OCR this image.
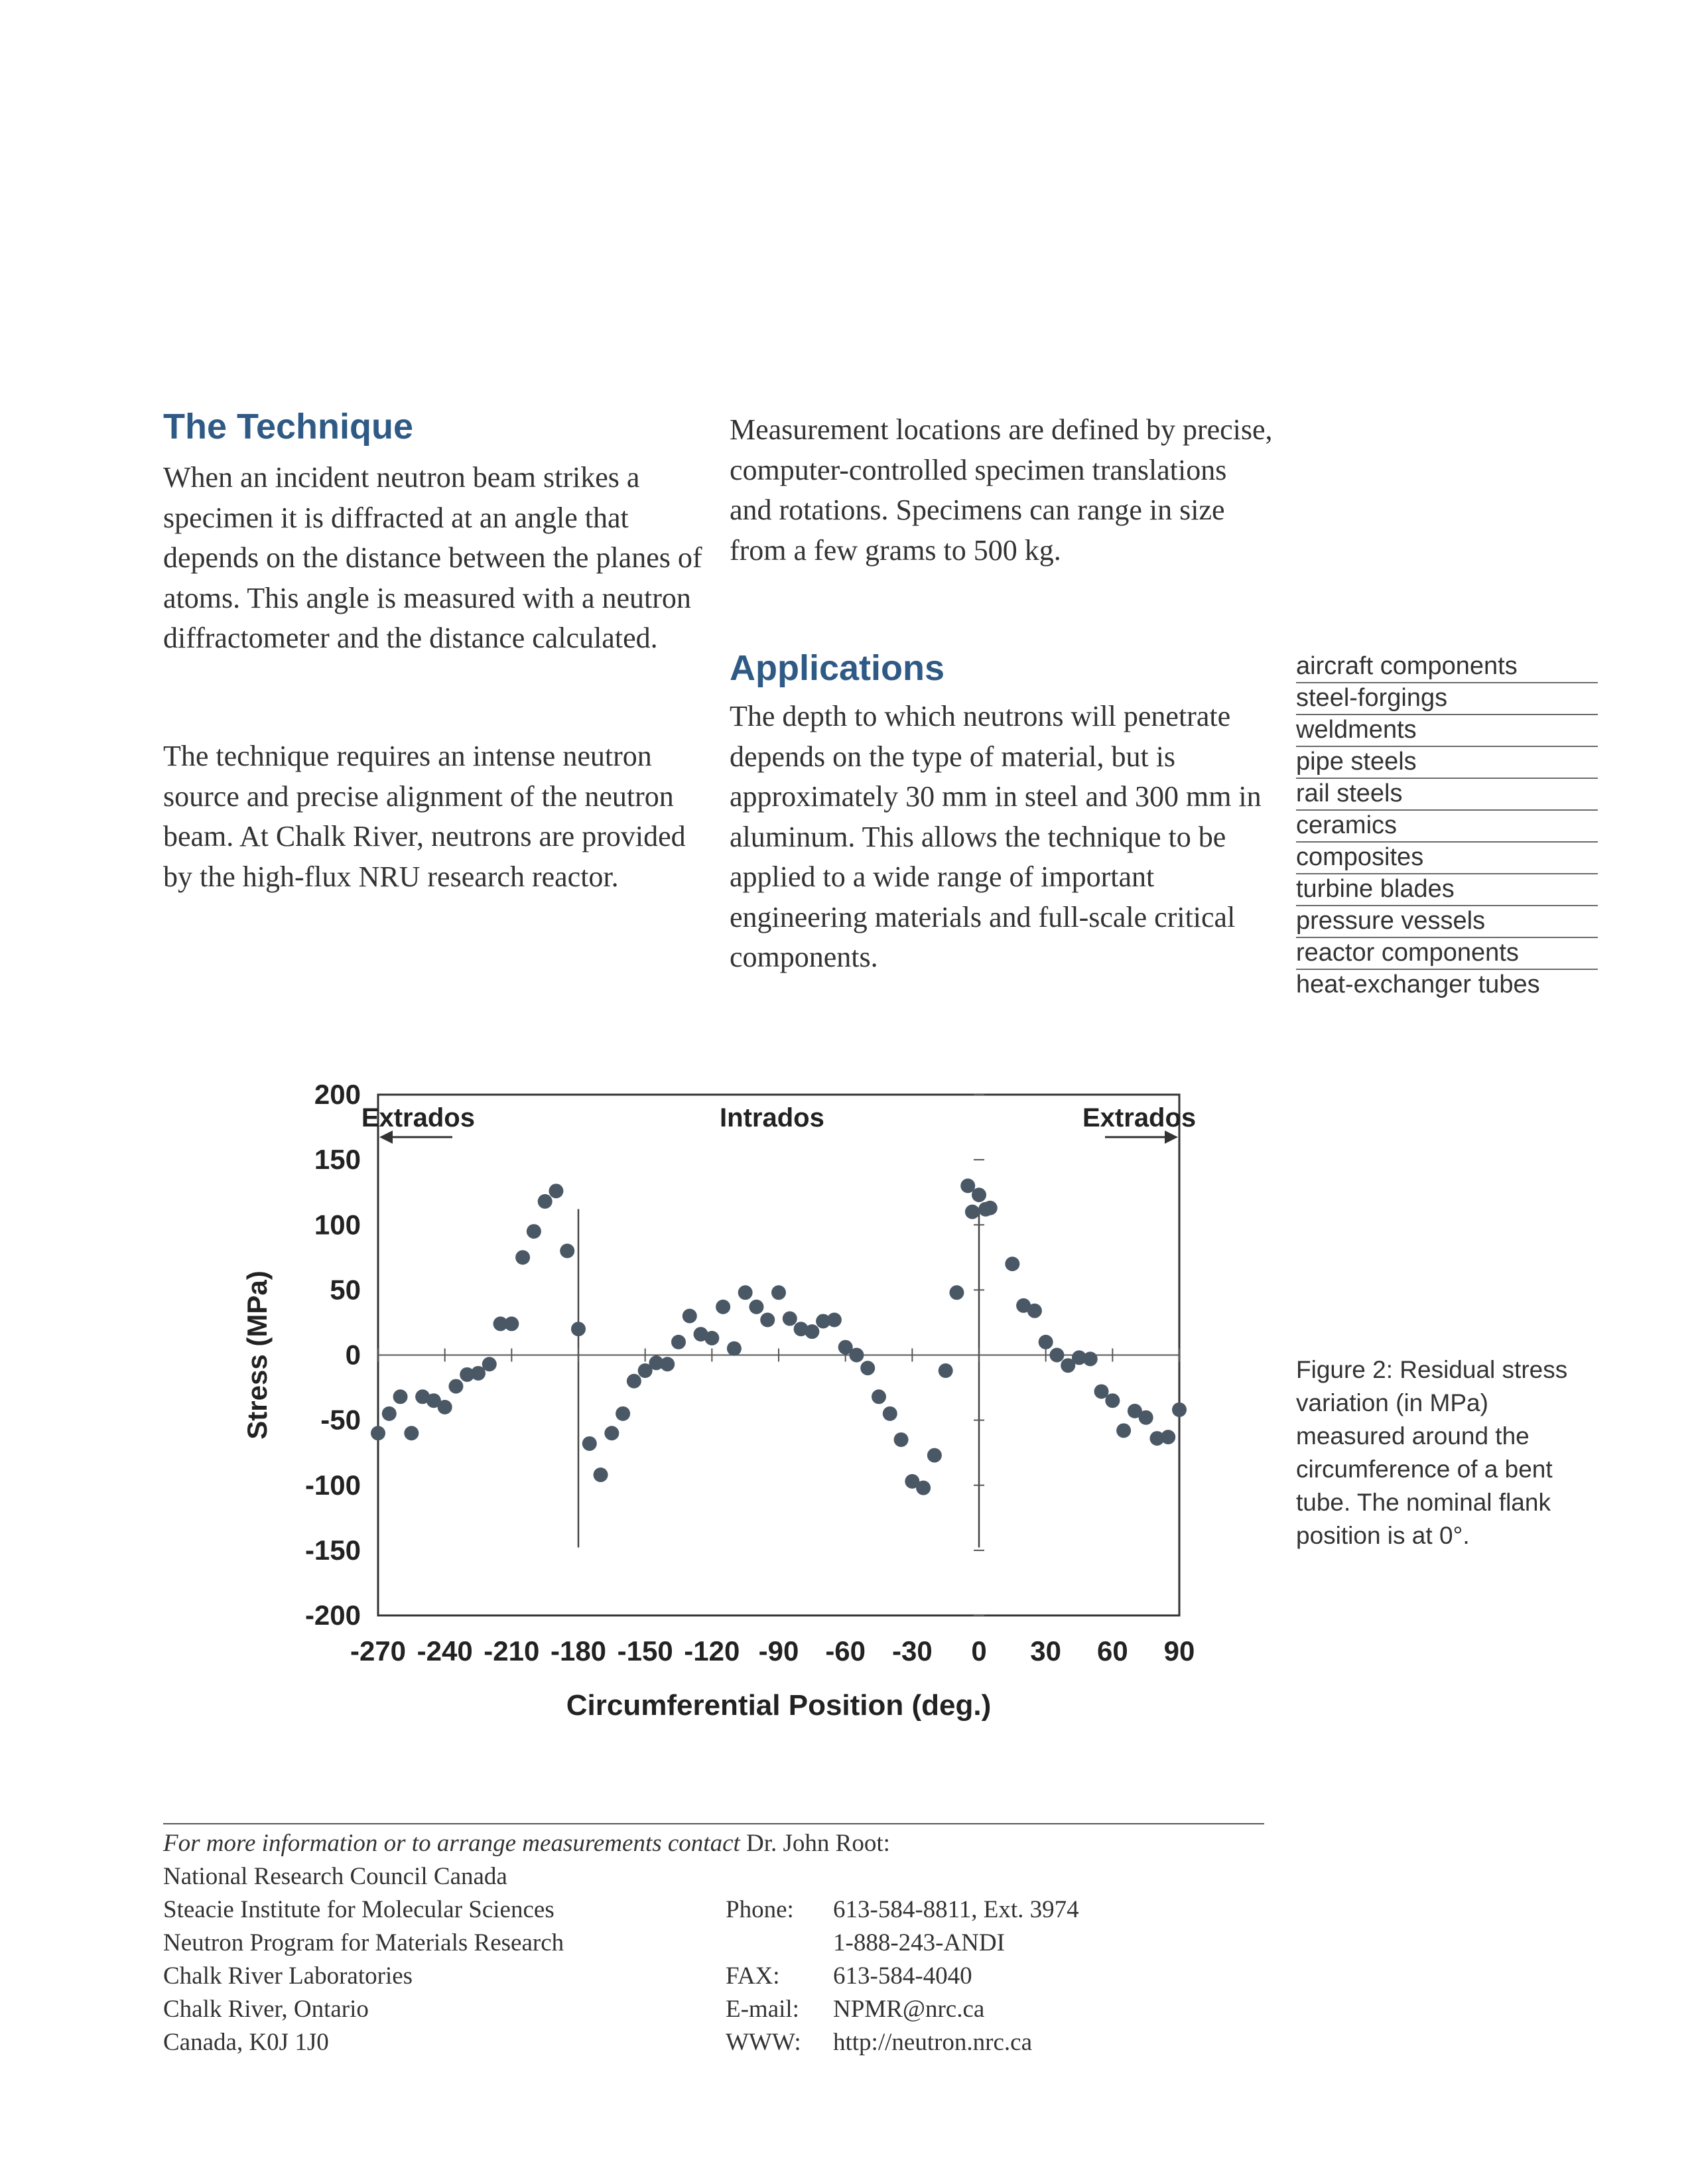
The Technique

When an incident neutron beam strikes a specimen it is diffracted at an angle that depends on the distance between the planes of atoms. This angle is measured with a neutron diffractometer and the distance calculated.

The technique requires an intense neutron source and precise alignment of the neutron beam. At Chalk River, neutrons are provided by the high-flux NRU research reactor.

Measurement locations are defined by precise, computer-controlled specimen translations and rotations. Specimens can range in size from a few grams to 500 kg.

Applications

The depth to which neutrons will penetrate depends on the type of material, but is approximately 30 mm in steel and 300 mm in aluminum. This allows the technique to be applied to a wide range of important engineering materials and full-scale critical components.

aircraft components
steel-forgings
weldments
pipe steels
rail steels
ceramics
composites
turbine blades
pressure vessels
reactor components
heat-exchanger tubes
-270 -240 -210 -180 -150 -120 -90 -60 -30 0 30 60 90
200
150
100
50
0
-50
-100
-150
-200
Circumferential Position (deg.)
Stress (MPa)
Extrados	Intrados	Extrados

Figure 2: Residual stress variation (in MPa) measured around the circumference of a bent tube. The nominal flank position is at 0°.

For more information or to arrange measurements contact Dr. John Root:

National Research Council Canada
Steacie Institute for Molecular Sciences
Neutron Program for Materials Research
Chalk River Laboratories
Chalk River, Ontario
Canada, K0J 1J0
Phone:	613-584-8811, Ext. 3974
	1-888-243-ANDI
FAX:	613-584-4040
E-mail:	NPMR@nrc.ca
WWW:	http://neutron.nrc.ca
